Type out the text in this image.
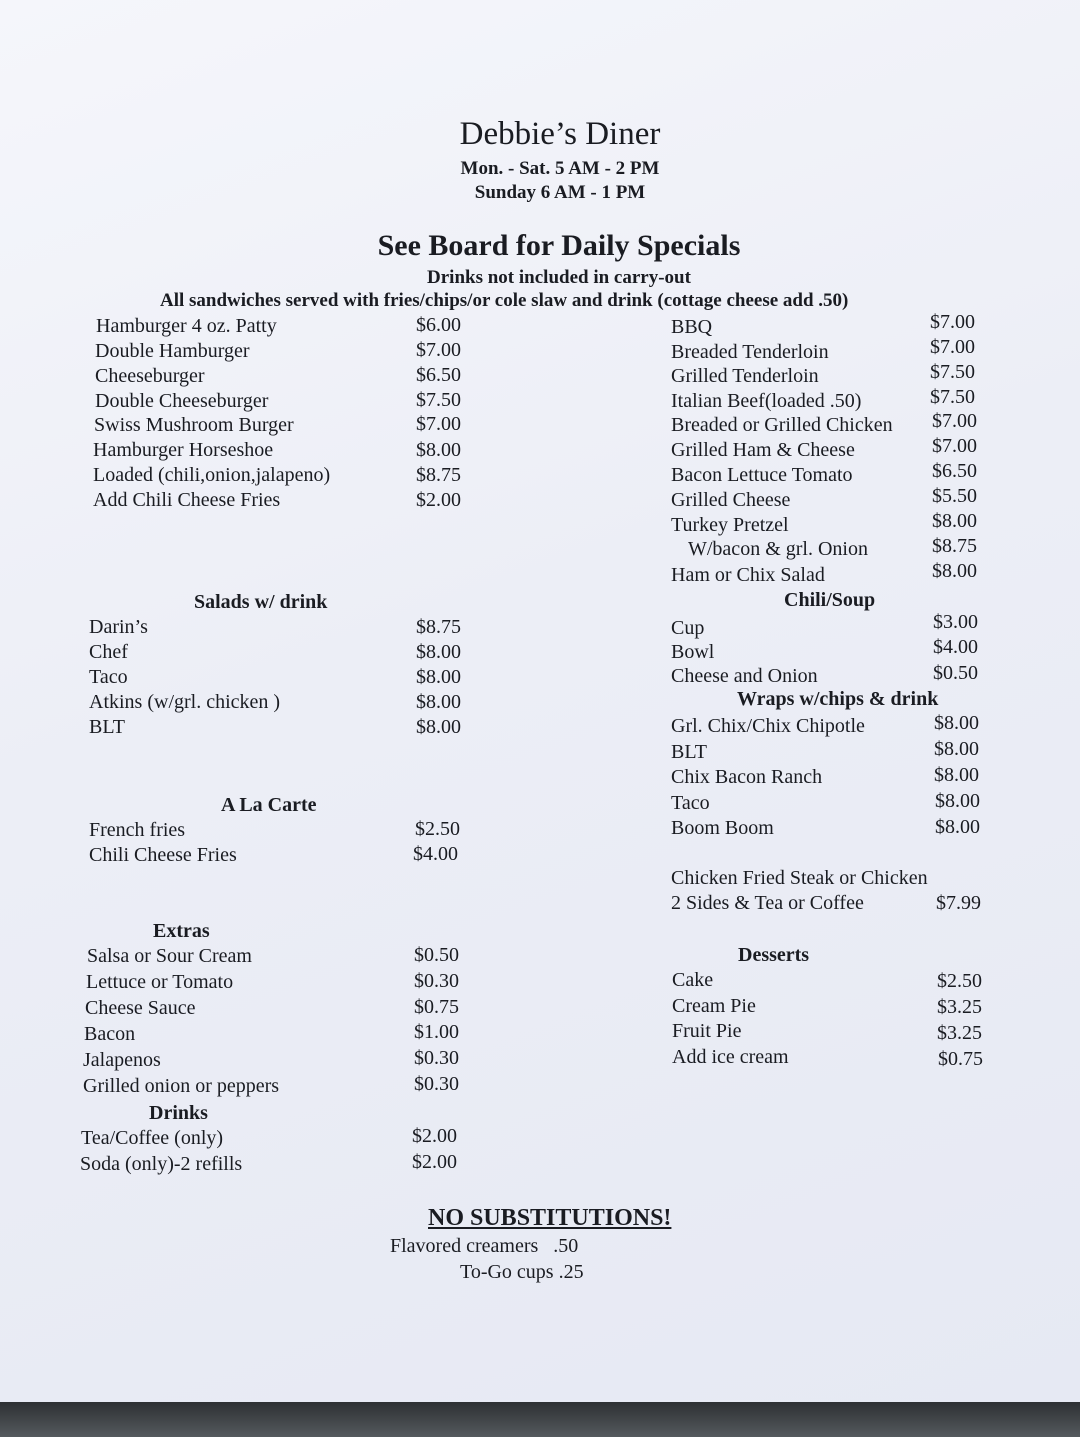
Debbie’s Diner
Mon. - Sat. 5 AM - 2 PM
Sunday 6 AM - 1 PM
See Board for Daily Specials
Drinks not included in carry-out
All sandwiches served with fries/chips/or cole slaw and drink (cottage cheese add .50)
Hamburger 4 oz. Patty	$6.00
Double Hamburger	$7.00
Cheeseburger	$6.50
Double Cheeseburger	$7.50
Swiss Mushroom Burger	$7.00
Hamburger Horseshoe	$8.00
Loaded (chili,onion,jalapeno)	$8.75
Add Chili Cheese Fries	$2.00
Salads w/ drink
Darin’s	$8.75
Chef	$8.00
Taco	$8.00
Atkins (w/grl. chicken )	$8.00
BLT	$8.00
A La Carte
French fries	$2.50
Chili Cheese Fries	$4.00
Extras
Salsa or Sour Cream	$0.50
Lettuce or Tomato	$0.30
Cheese Sauce	$0.75
Bacon	$1.00
Jalapenos	$0.30
Grilled onion or peppers	$0.30
Drinks
Tea/Coffee (only)	$2.00
Soda (only)-2 refills	$2.00
BBQ	$7.00
Breaded Tenderloin	$7.00
Grilled Tenderloin	$7.50
Italian Beef(loaded .50)	$7.50
Breaded or Grilled Chicken $7.00
Grilled Ham & Cheese	$7.00
Bacon Lettuce Tomato	$6.50
Grilled Cheese	$5.50
Turkey Pretzel	$8.00
W/bacon & grl. Onion	$8.75
Ham or Chix Salad	$8.00
Chili/Soup
Cup	$3.00
Bowl	$4.00
Cheese and Onion	$0.50
Wraps w/chips & drink
Grl. Chix/Chix Chipotle	$8.00
BLT	$8.00
Chix Bacon Ranch	$8.00
Taco	$8.00
Boom Boom	$8.00
Chicken Fried Steak or Chicken
2 Sides & Tea or Coffee	$7.99
Desserts
Cake	$2.50
Cream Pie	$3.25
Fruit Pie	$3.25
Add ice cream	$0.75
NO SUBSTITUTIONS!
Flavored creamers   .50
To-Go cups .25
